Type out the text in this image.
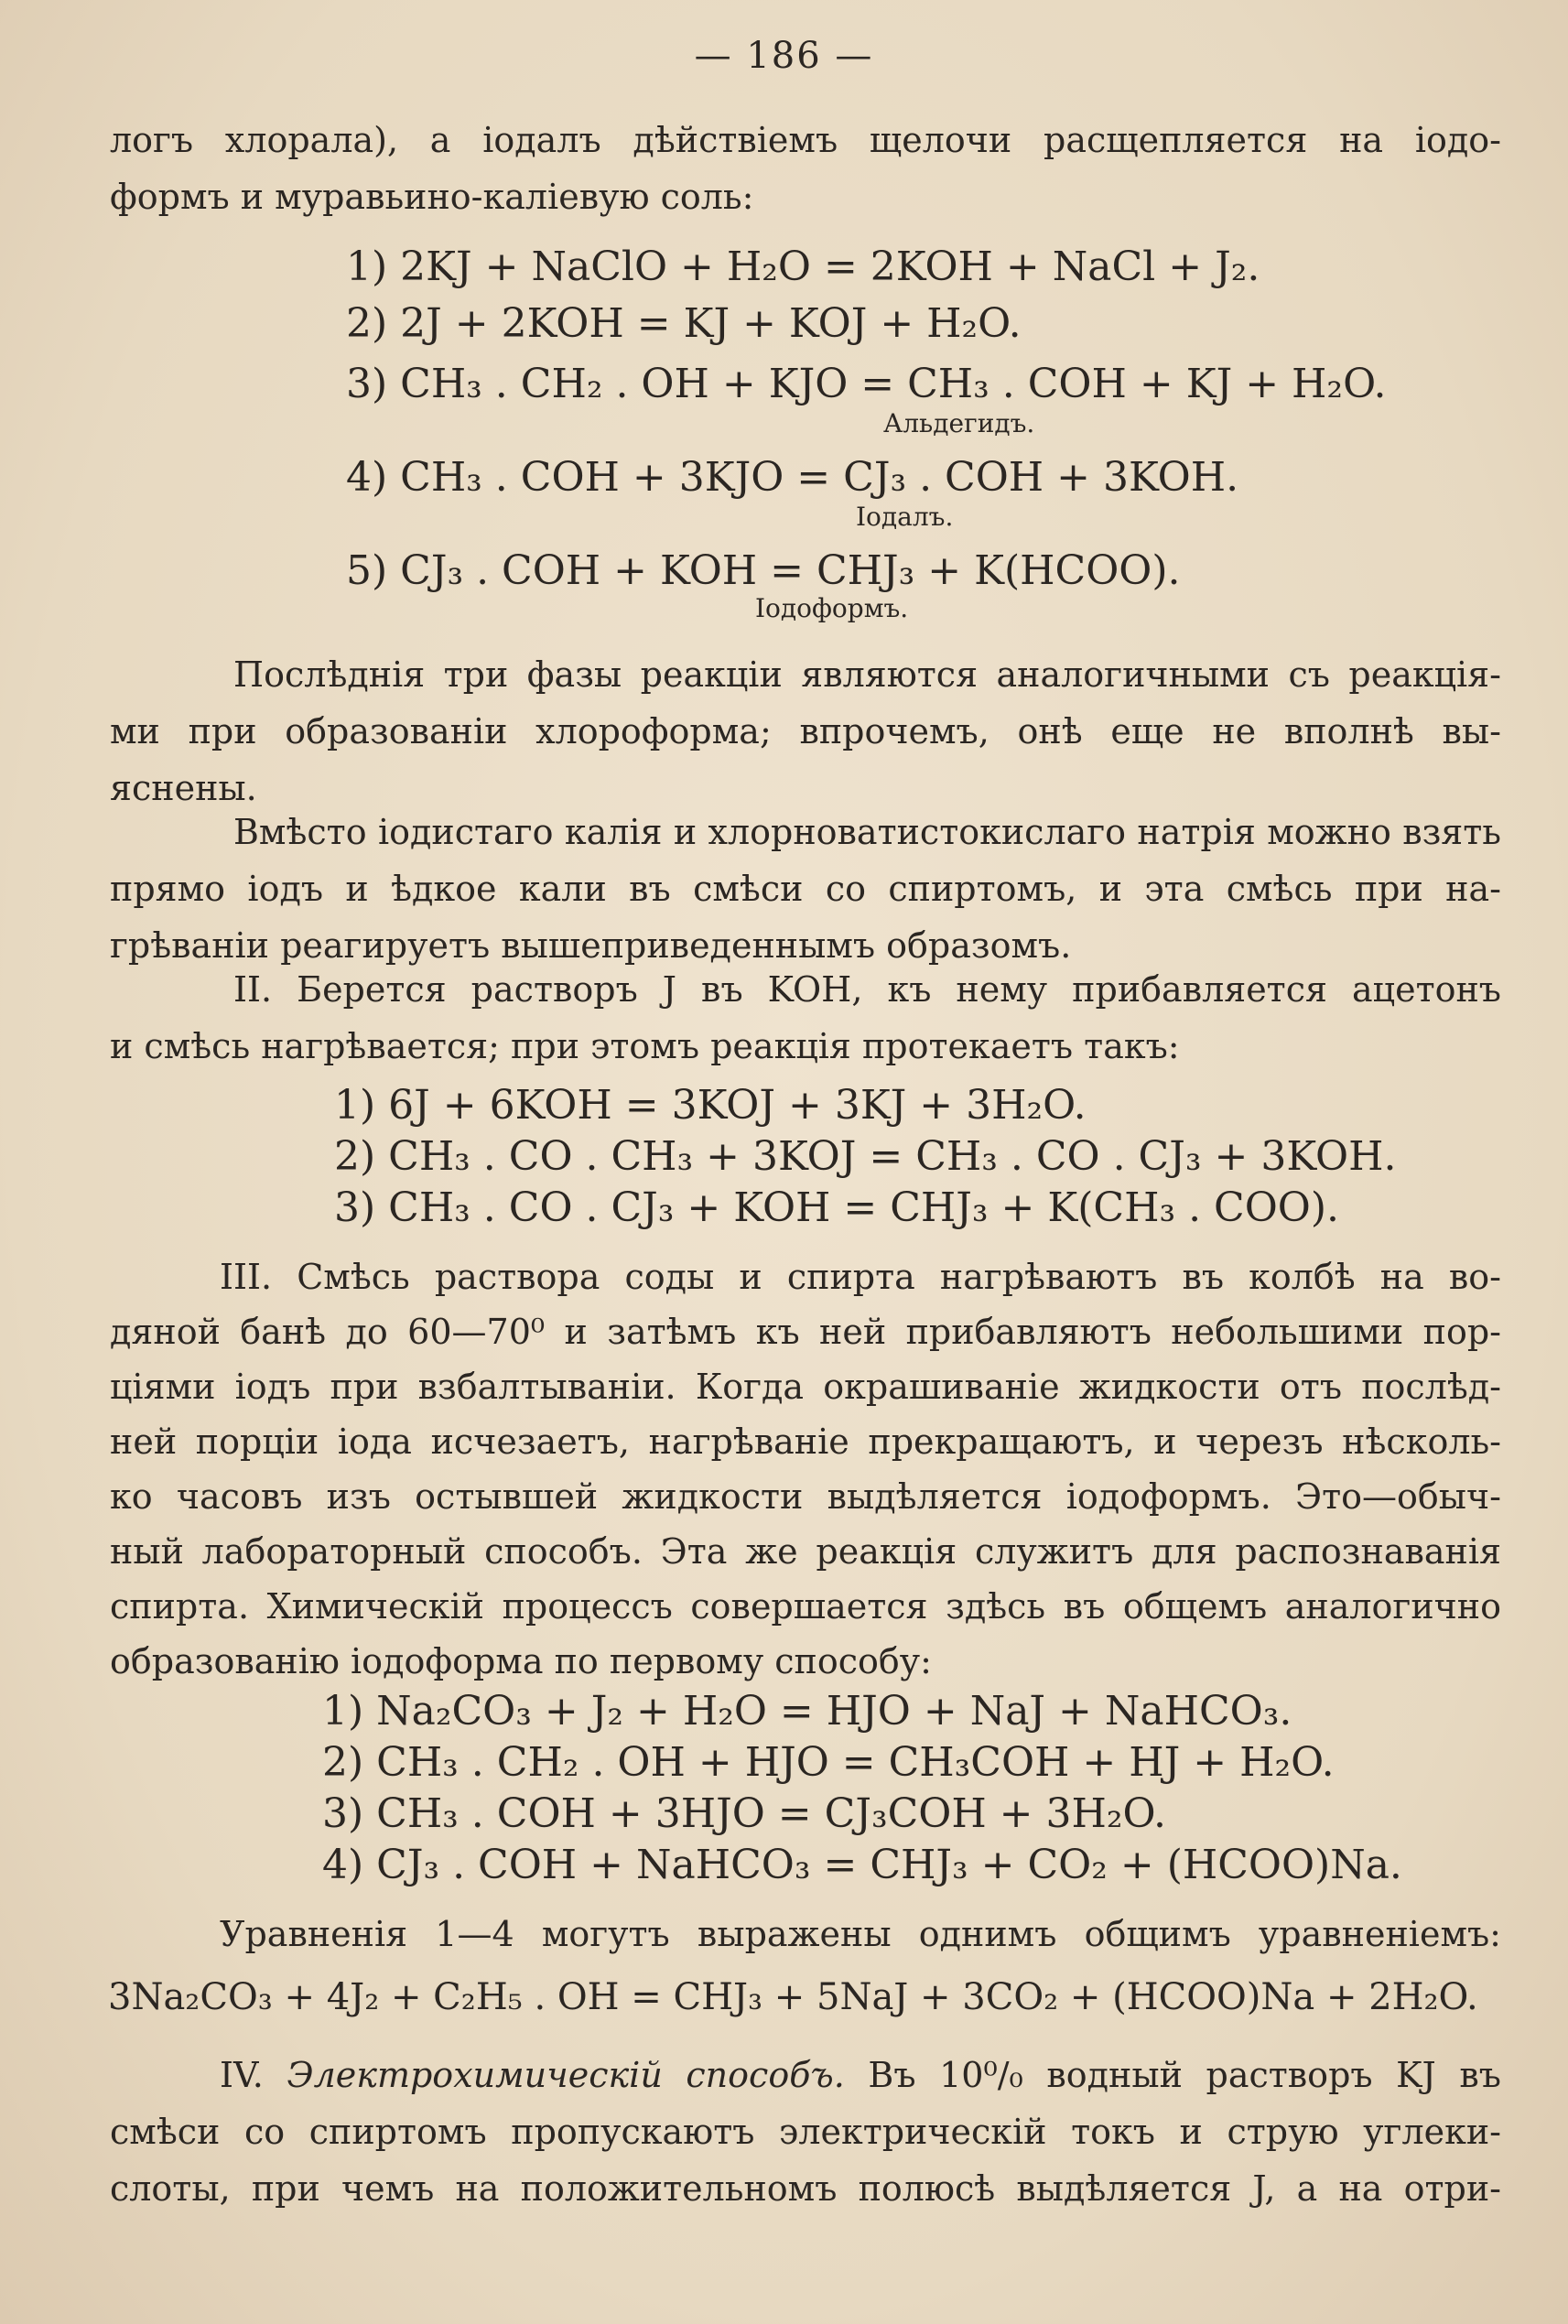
— 186 —

логъ хлорала), а іодалъ дѣйствіемъ щелочи расщепляется на іодо-

формъ и муравьино-каліевую соль:

1) 2KJ + NaClO + H₂O = 2KOH + NaCl + J₂.
2) 2J + 2KOH = KJ + KOJ + H₂O.
3) CH₃ . CH₂ . OH + KJO = CH₃ . COH + KJ + H₂O.
Альдегидъ.
4) CH₃ . COH + 3KJO = CJ₃ . COH + 3KOH.
Іодалъ.
5) CJ₃ . COH + KOH = CHJ₃ + K(HCOO).
Іодоформъ.

Послѣднія три фазы реакціи являются аналогичными съ реакція-

ми при образованіи хлороформа; впрочемъ, онѣ еще не вполнѣ вы-

яснены.

Вмѣсто іодистаго калія и хлорноватистокислаго натрія можно взять

прямо іодъ и ѣдкое кали въ смѣси со спиртомъ, и эта смѣсь при на-

грѣваніи реагируетъ вышеприведеннымъ образомъ.

II. Берется растворъ J въ KOH, къ нему прибавляется ацетонъ

и смѣсь нагрѣвается; при этомъ реакція протекаетъ такъ:

1) 6J + 6KOH = 3KOJ + 3KJ + 3H₂O.
2) CH₃ . CO . CH₃ + 3KOJ = CH₃ . CO . CJ₃ + 3KOH.
3) CH₃ . CO . CJ₃ + KOH = CHJ₃ + K(CH₃ . COO).

III. Смѣсь раствора соды и спирта нагрѣваютъ въ колбѣ на во-

дяной банѣ до 60—70⁰ и затѣмъ къ ней прибавляютъ небольшими пор-

ціями іодъ при взбалтываніи. Когда окрашиваніе жидкости отъ послѣд-

ней порціи іода исчезаетъ, нагрѣваніе прекращаютъ, и черезъ нѣсколь-

ко часовъ изъ остывшей жидкости выдѣляется іодоформъ. Это—обыч-

ный лабораторный способъ. Эта же реакція служитъ для распознаванія

спирта. Химическій процессъ совершается здѣсь въ общемъ аналогично

образованію іодоформа по первому способу:

1) Na₂CO₃ + J₂ + H₂O = HJO + NaJ + NaHCO₃.
2) CH₃ . CH₂ . OH + HJO = CH₃COH + HJ + H₂O.
3) CH₃ . COH + 3HJO = CJ₃COH + 3H₂O.
4) CJ₃ . COH + NaHCO₃ = CHJ₃ + CO₂ + (HCOO)Na.

Уравненія 1—4 могутъ выражены однимъ общимъ уравненіемъ:

3Na₂CO₃ + 4J₂ + C₂H₅ . OH = CHJ₃ + 5NaJ + 3CO₂ + (HCOO)Na + 2H₂O.

IV. Электрохимическій способъ. Въ 10⁰/₀ водный растворъ KJ въ

смѣси со спиртомъ пропускаютъ электрическій токъ и струю углеки-

слоты, при чемъ на положительномъ полюсѣ выдѣляется J, а на отри-
